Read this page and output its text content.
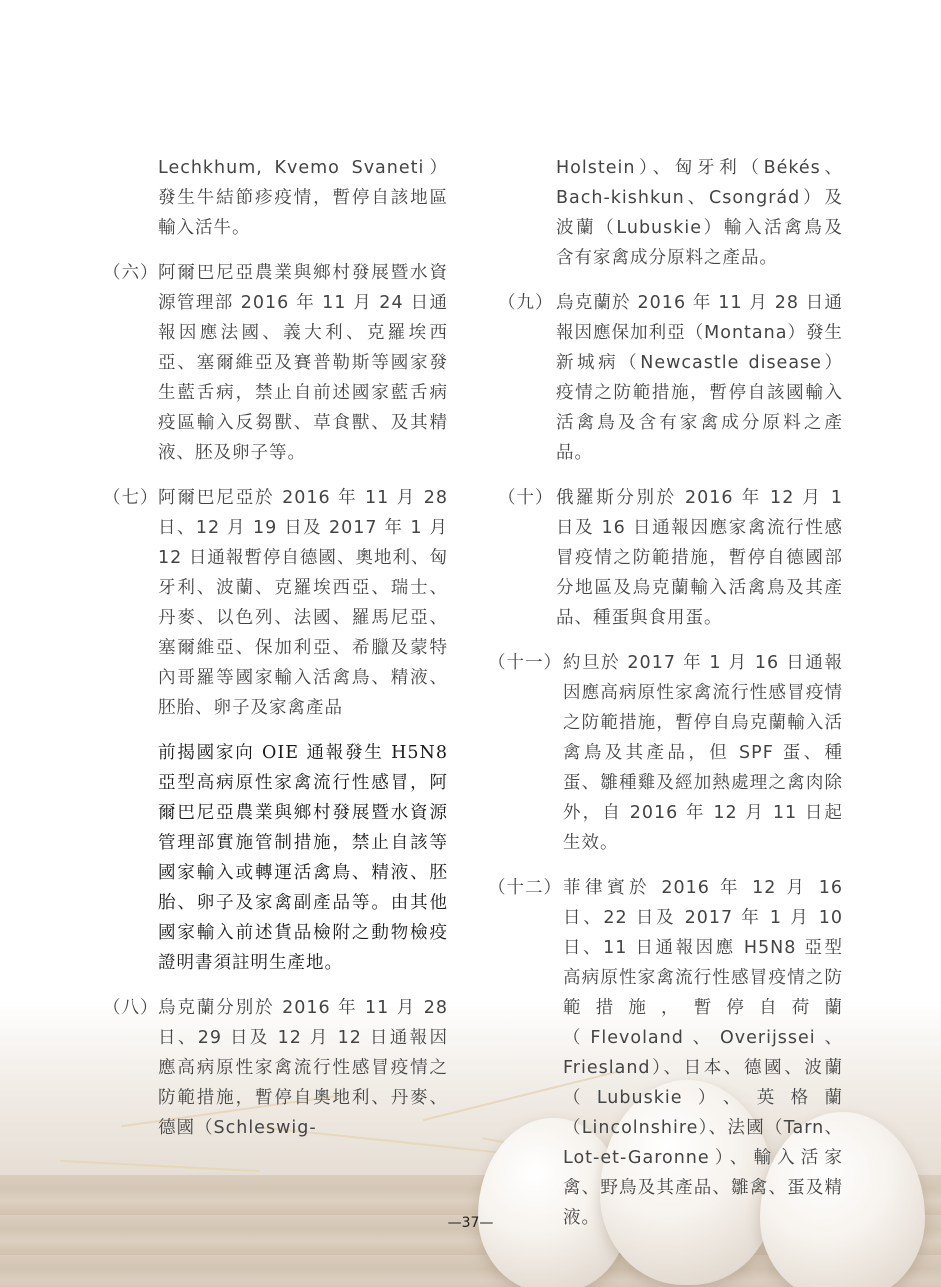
Lechkhum, Kvemo Svaneti）發生牛結節疹疫情，暫停自該地區輸入活牛。
（六） 阿爾巴尼亞農業與鄉村發展暨水資源管理部 2016 年 11 月 24 日通報因應法國、義大利、克羅埃西亞、塞爾維亞及賽普勒斯等國家發生藍舌病，禁止自前述國家藍舌病疫區輸入反芻獸、草食獸、及其精液、胚及卵子等。
（七） 阿爾巴尼亞於 2016 年 11 月 28 日、12 月 19 日及 2017 年 1 月 12 日通報暫停自德國、奧地利、匈牙利、波蘭、克羅埃西亞、瑞士、丹麥、以色列、法國、羅馬尼亞、塞爾維亞、保加利亞、希臘及蒙特內哥羅等國家輸入活禽鳥、精液、胚胎、卵子及家禽產品
前揭國家向 OIE 通報發生 H5N8 亞型高病原性家禽流行性感冒，阿爾巴尼亞農業與鄉村發展暨水資源管理部實施管制措施，禁止自該等國家輸入或轉運活禽鳥、精液、胚胎、卵子及家禽副產品等。由其他國家輸入前述貨品檢附之動物檢疫證明書須註明生產地。
（八） 烏克蘭分別於 2016 年 11 月 28 日、29 日及 12 月 12 日通報因應高病原性家禽流行性感冒疫情之防範措施，暫停自奧地利、丹麥、德國（Schleswig-
Holstein）、匈牙利（Békés、Bach-kishkun、Csongrád）及波蘭（Lubuskie）輸入活禽鳥及含有家禽成分原料之產品。
（九） 烏克蘭於 2016 年 11 月 28 日通報因應保加利亞（Montana）發生新城病（Newcastle disease）疫情之防範措施，暫停自該國輸入活禽鳥及含有家禽成分原料之產品。
（十） 俄羅斯分別於 2016 年 12 月 1 日及 16 日通報因應家禽流行性感冒疫情之防範措施，暫停自德國部分地區及烏克蘭輸入活禽鳥及其產品、種蛋與食用蛋。
（十一） 約旦於 2017 年 1 月 16 日通報因應高病原性家禽流行性感冒疫情之防範措施，暫停自烏克蘭輸入活禽鳥及其產品，但 SPF 蛋、種蛋、雛種雞及經加熱處理之禽肉除外，自 2016 年 12 月 11 日起生效。
（十二） 菲律賓於 2016 年 12 月 16 日、22 日及 2017 年 1 月 10 日、11 日通報因應 H5N8 亞型高病原性家禽流行性感冒疫情之防範措施，暫停自荷蘭（Flevoland、Overijssei、Friesland）、日本、德國、波蘭（Lubuskie）、英格蘭（Lincolnshire）、法國（Tarn、Lot-et-Garonne）、輸入活家禽、野鳥及其產品、雛禽、蛋及精液。
—37—
